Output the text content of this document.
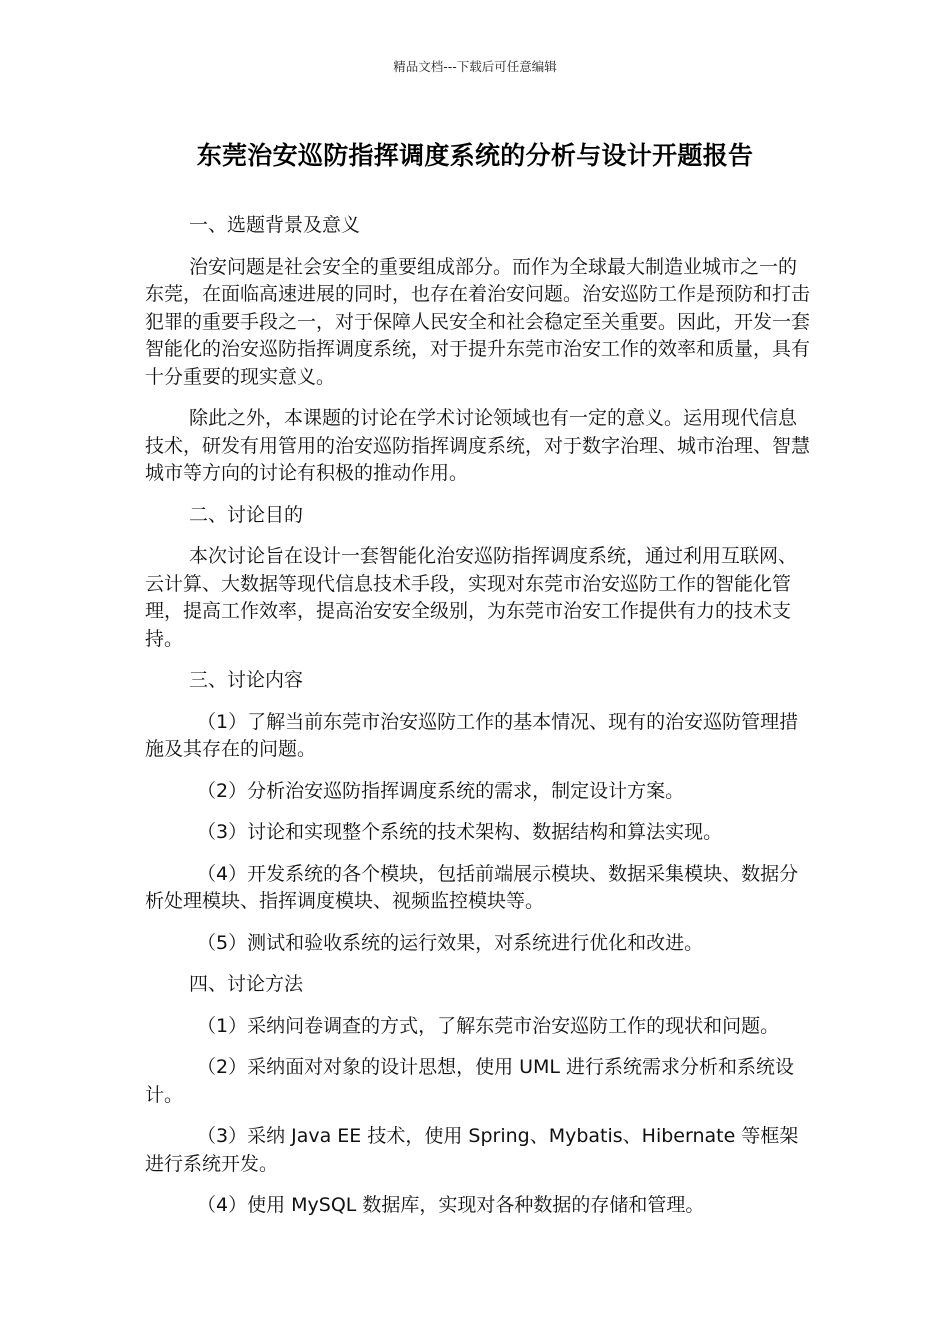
精品文档---下载后可任意编辑
东莞治安巡防指挥调度系统的分析与设计开题报告

一、选题背景及意义

治安问题是社会安全的重要组成部分。而作为全球最大制造业城市之一的东莞，在面临高速进展的同时，也存在着治安问题。治安巡防工作是预防和打击犯罪的重要手段之一，对于保障人民安全和社会稳定至关重要。因此，开发一套智能化的治安巡防指挥调度系统，对于提升东莞市治安工作的效率和质量，具有十分重要的现实意义。

除此之外，本课题的讨论在学术讨论领域也有一定的意义。运用现代信息技术，研发有用管用的治安巡防指挥调度系统，对于数字治理、城市治理、智慧城市等方向的讨论有积极的推动作用。

二、讨论目的

本次讨论旨在设计一套智能化治安巡防指挥调度系统，通过利用互联网、云计算、大数据等现代信息技术手段，实现对东莞市治安巡防工作的智能化管理，提高工作效率，提高治安安全级别，为东莞市治安工作提供有力的技术支持。

三、讨论内容

（1）了解当前东莞市治安巡防工作的基本情况、现有的治安巡防管理措施及其存在的问题。

（2）分析治安巡防指挥调度系统的需求，制定设计方案。

（3）讨论和实现整个系统的技术架构、数据结构和算法实现。

（4）开发系统的各个模块，包括前端展示模块、数据采集模块、数据分析处理模块、指挥调度模块、视频监控模块等。

（5）测试和验收系统的运行效果，对系统进行优化和改进。

四、讨论方法

（1）采纳问卷调查的方式，了解东莞市治安巡防工作的现状和问题。

（2）采纳面对对象的设计思想，使用 UML 进行系统需求分析和系统设计。

（3）采纳 Java EE 技术，使用 Spring、Mybatis、Hibernate 等框架进行系统开发。

（4）使用 MySQL 数据库，实现对各种数据的存储和管理。
